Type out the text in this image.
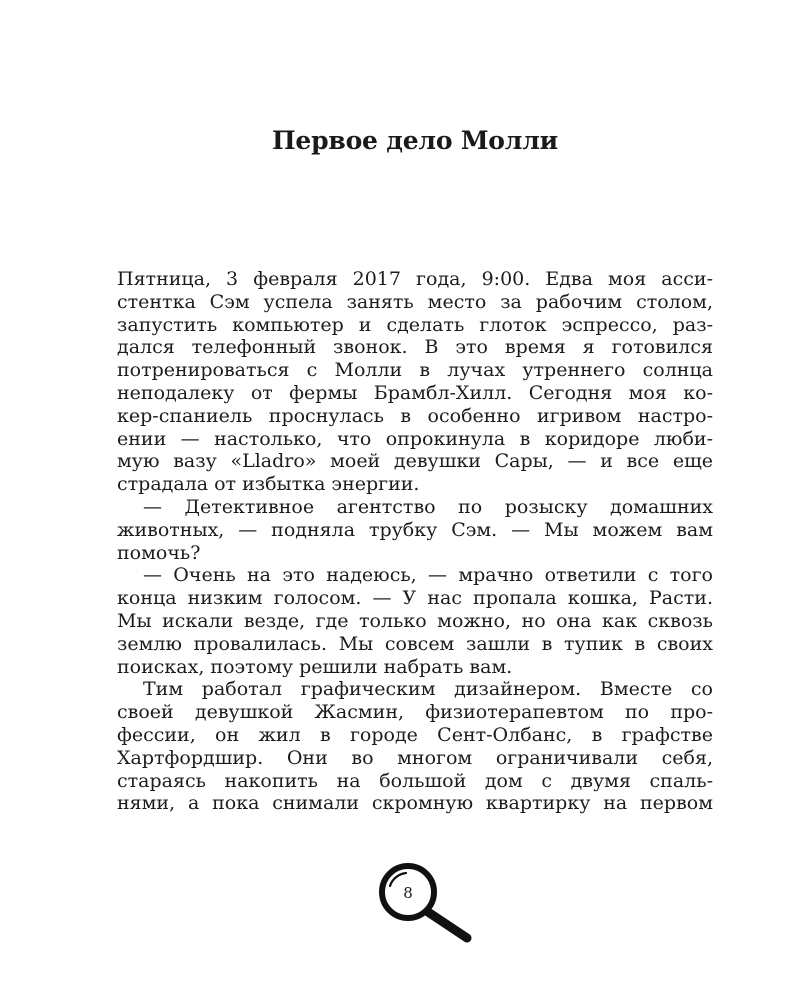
Первое дело Молли
Пятница, 3 февраля 2017 года, 9:00. Едва моя асси-
стентка Сэм успела занять место за рабочим столом,
запустить компьютер и сделать глоток эспрессо, раз-
дался телефонный звонок. В это время я готовился
потренироваться с Молли в лучах утреннего солнца
неподалеку от фермы Брамбл-Хилл. Сегодня моя ко-
кер-спаниель проснулась в особенно игривом настро-
ении — настолько, что опрокинула в коридоре люби-
мую вазу «Lladro» моей девушки Сары, — и все еще
страдала от избытка энергии.
— Детективное агентство по розыску домашних
животных, — подняла трубку Сэм. — Мы можем вам
помочь?
— Очень на это надеюсь, — мрачно ответили с того
конца низким голосом. — У нас пропала кошка, Расти.
Мы искали везде, где только можно, но она как сквозь
землю провалилась. Мы совсем зашли в тупик в своих
поисках, поэтому решили набрать вам.
Тим работал графическим дизайнером. Вместе со
своей девушкой Жасмин, физиотерапевтом по про-
фессии, он жил в городе Сент-Олбанс, в графстве
Хартфордшир. Они во многом ограничивали себя,
стараясь накопить на большой дом с двумя спаль-
нями, а пока снимали скромную квартирку на первом
8
